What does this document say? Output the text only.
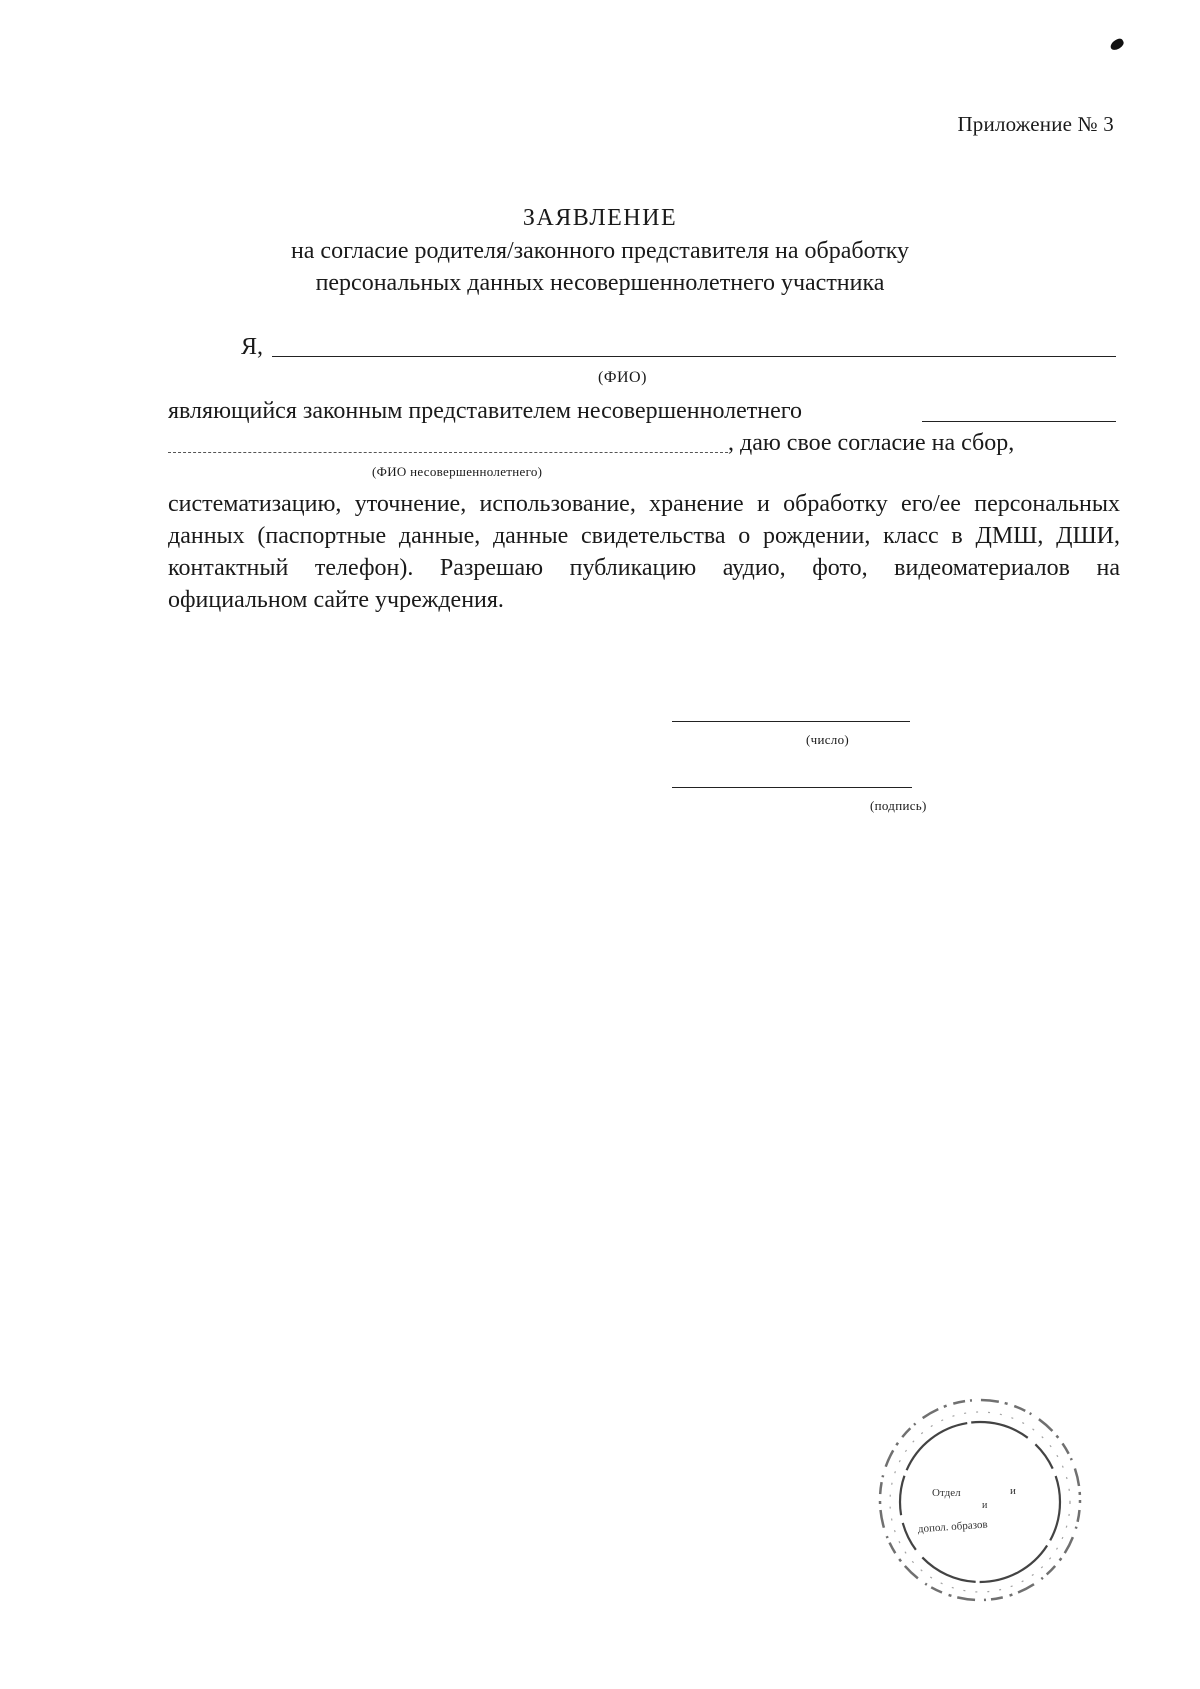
Приложение № 3
ЗАЯВЛЕНИЕ
на согласие родителя/законного представителя на обработку
персональных данных несовершеннолетнего участника
Я,
(ФИО)
являющийся законным представителем несовершеннолетнего
, даю свое согласие на сбор,
(ФИО несовершеннолетнего)
систематизацию, уточнение, использование, хранение и обработку его/ее персональных данных (паспортные данные, данные свидетельства о рождении, класс в ДМШ, ДШИ, контактный телефон). Разрешаю публикацию аудио, фото, видеоматериалов на официальном сайте учреждения.
(число)
(подпись)
Отдел	и
и
допол. образов
